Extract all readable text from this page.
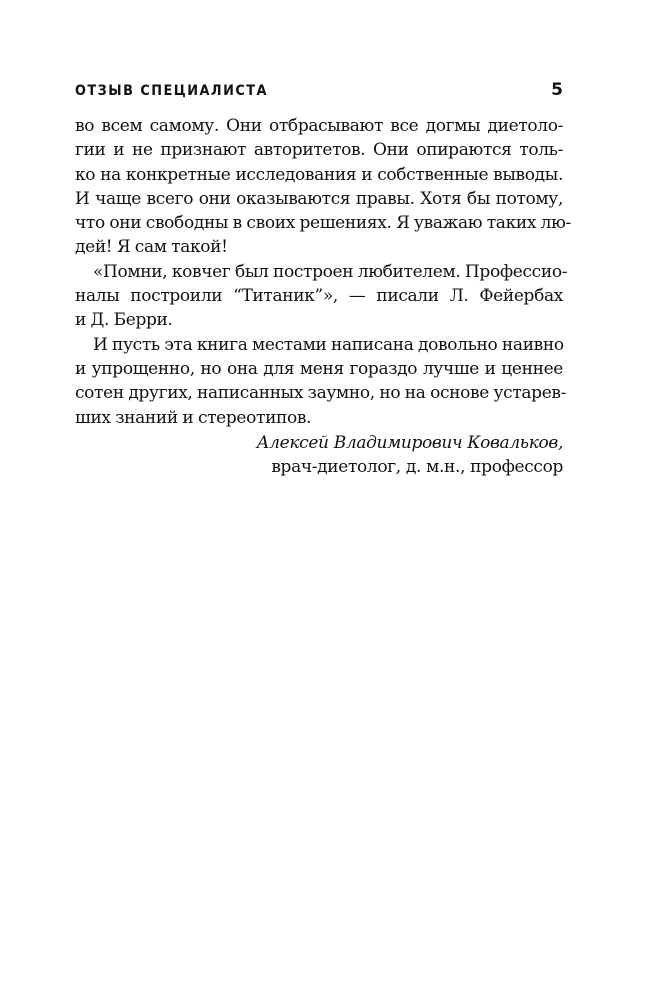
ОТЗЫВ СПЕЦИАЛИСТА	5
во всем самому. Они отбрасывают все догмы диетоло-
гии и не признают авторитетов. Они опираются толь-
ко на конкретные исследования и собственные выводы.
И чаще всего они оказываются правы. Хотя бы потому,
что они свободны в своих решениях. Я уважаю таких лю-
дей! Я сам такой!
«Помни, ковчег был построен любителем. Профессио-
налы построили “Титаник”», — писали Л. Фейербах
и Д. Берри.
И пусть эта книга местами написана довольно наивно
и упрощенно, но она для меня гораздо лучше и ценнее
сотен других, написанных заумно, но на основе устарев-
ших знаний и стереотипов.
Алексей Владимирович Ковальков,
врач-диетолог, д. м.н., профессор
